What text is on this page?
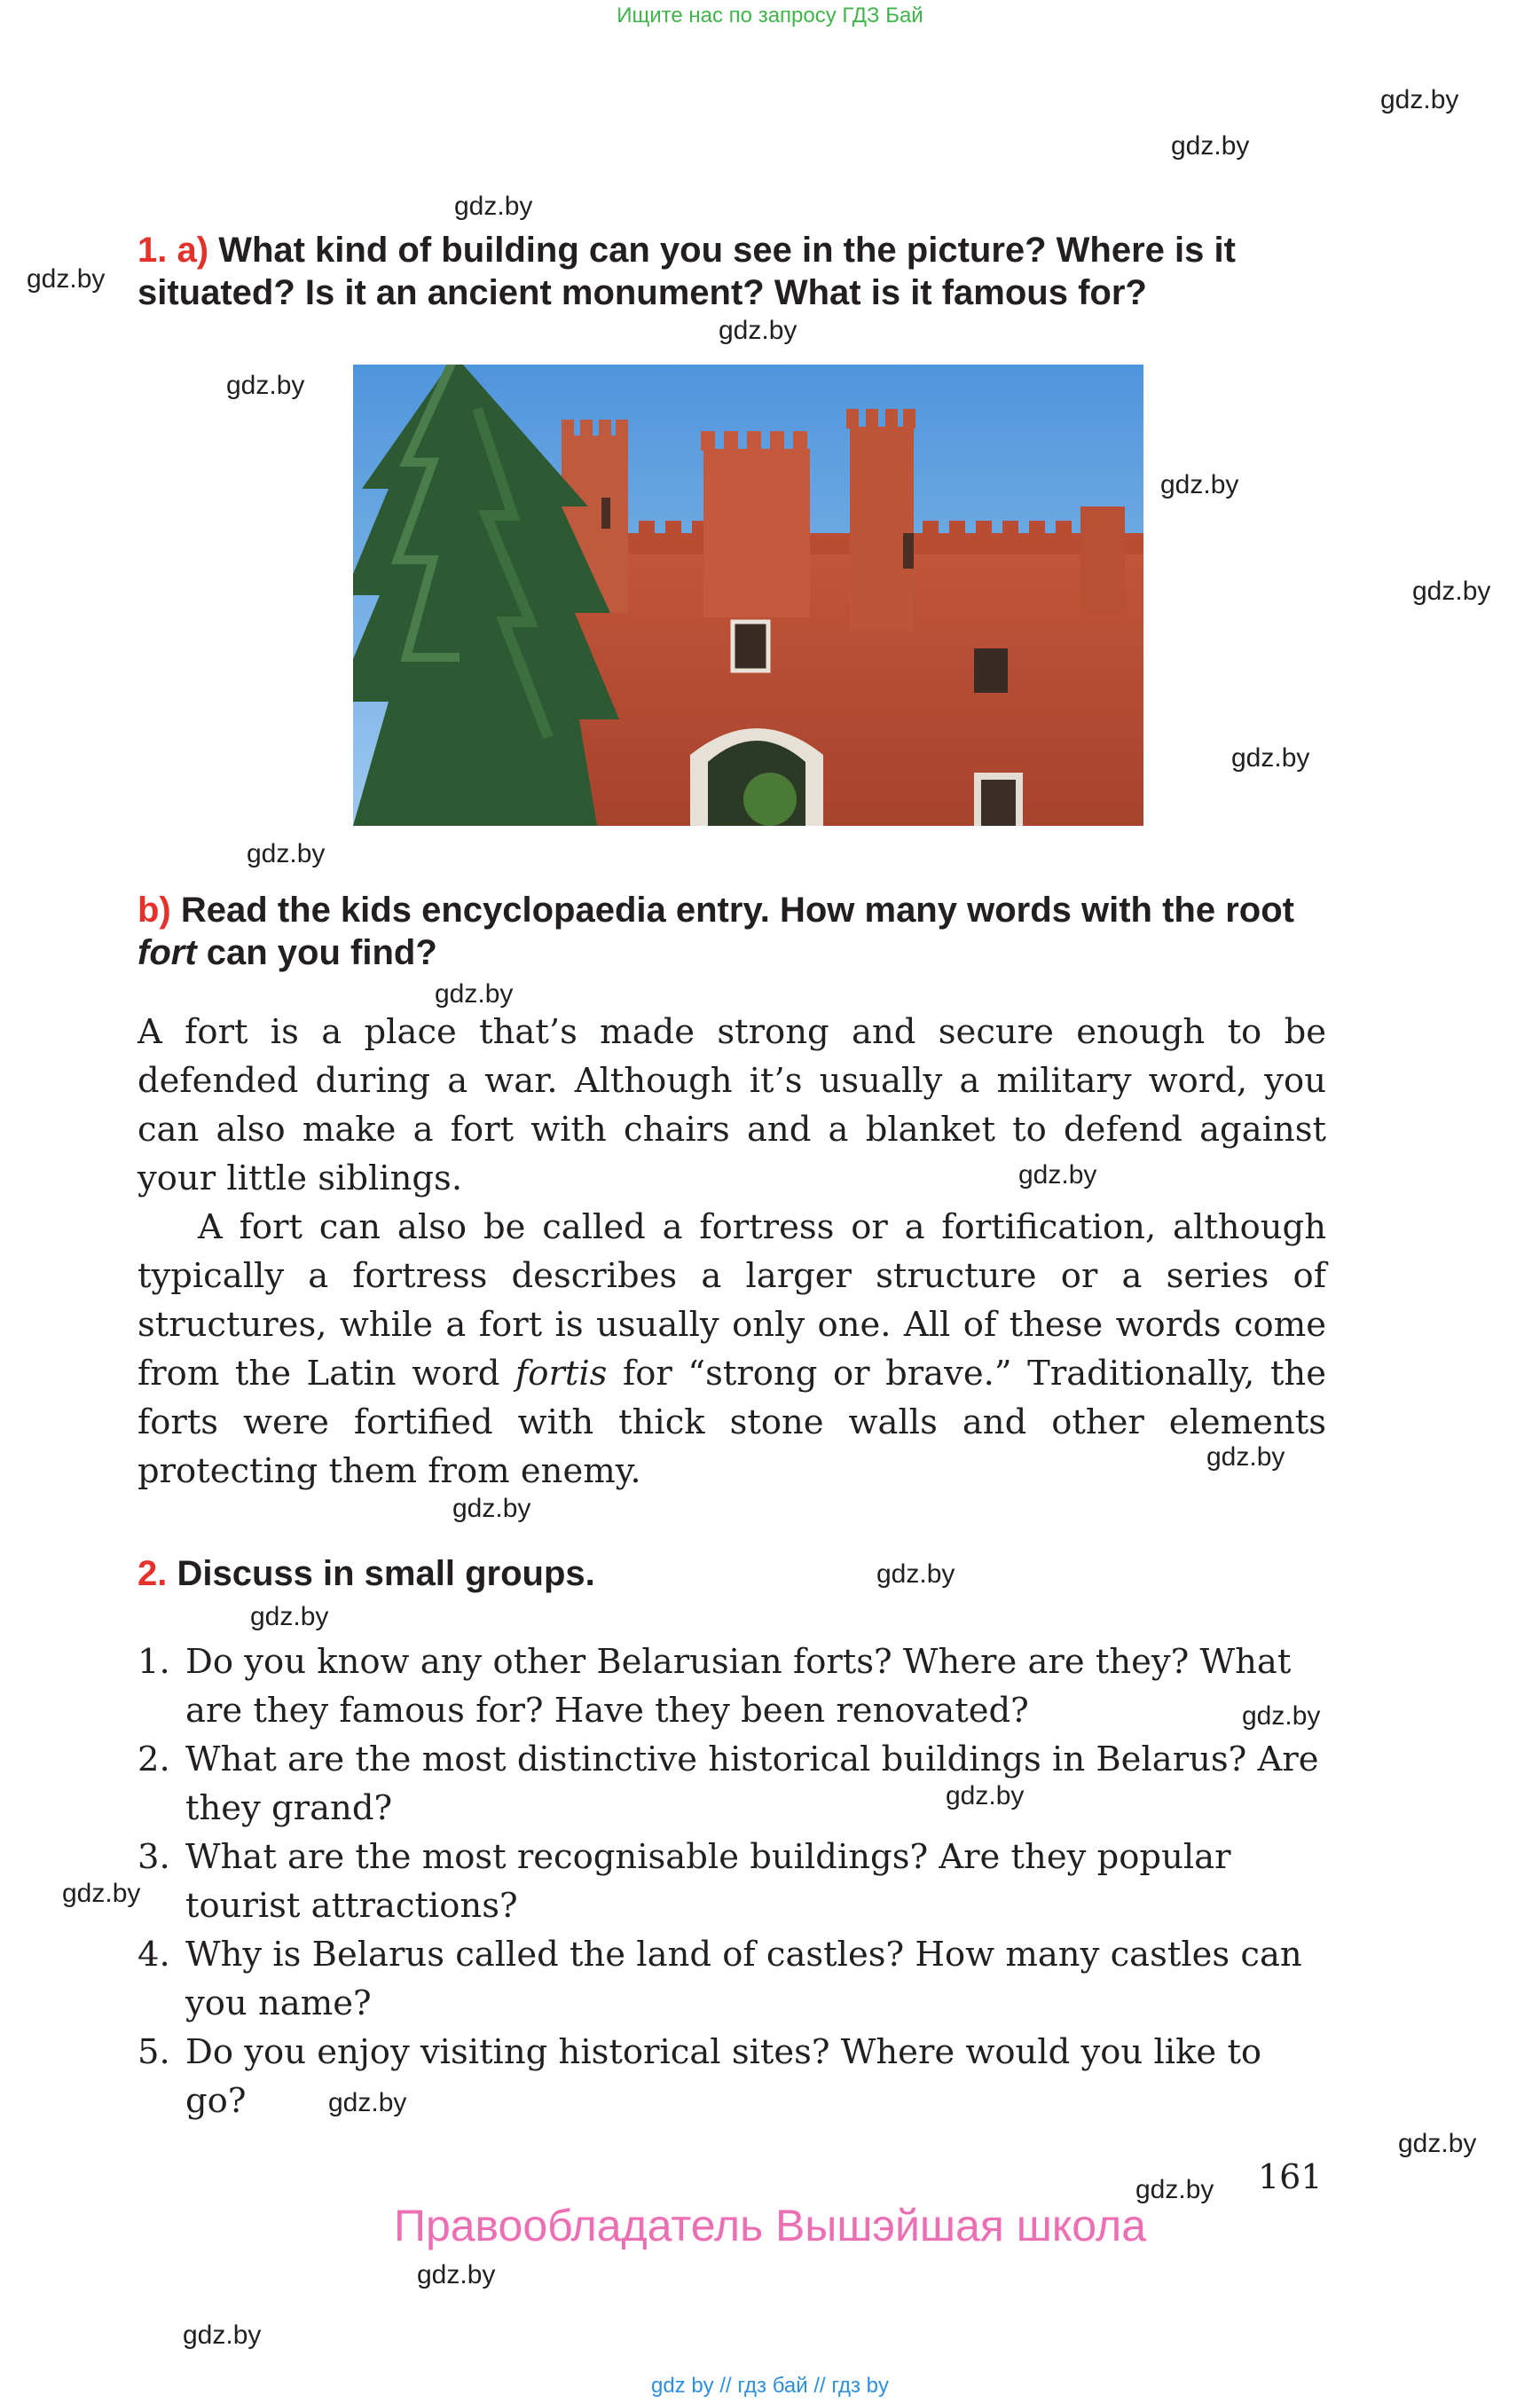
Ищите нас по запросу ГДЗ Бай
gdz.by
gdz.by
gdz.by
gdz.by
gdz.by
gdz.by
gdz.by
gdz.by
gdz.by
gdz.by
gdz.by
gdz.by
gdz.by
gdz.by
gdz.by
gdz.by
gdz.by
gdz.by
gdz.by
gdz.by
gdz.by
gdz.by
gdz.by
gdz.by
1. a) What kind of building can you see in the picture? Where is it situated? Is it an ancient monument? What is it famous for?
b) Read the kids encyclopaedia entry. How many words with the root fort can you find?
A fort is a place that’s made strong and secure enough to be defended during a war. Although it’s usually a military word, you can also make a fort with chairs and a blanket to defend against your little siblings.
A fort can also be called a fortress or a fortification, although typically a fortress describes a larger structure or a series of structures, while a fort is usually only one. All of these words come from the Latin word fortis for “strong or brave.” Traditionally, the forts were fortified with thick stone walls and other elements protecting them from enemy.
2. Discuss in small groups.
1. Do you know any other Belarusian forts? Where are they? What are they famous for? Have they been renovated?
2. What are the most distinctive historical buildings in Belarus? Are they grand?
3. What are the most recognisable buildings? Are they popular tourist attractions?
4. Why is Belarus called the land of castles? How many castles can you name?
5. Do you enjoy visiting historical sites? Where would you like to go?
161
Правообладатель Вышэйшая школа
gdz by // гдз бай // гдз by
